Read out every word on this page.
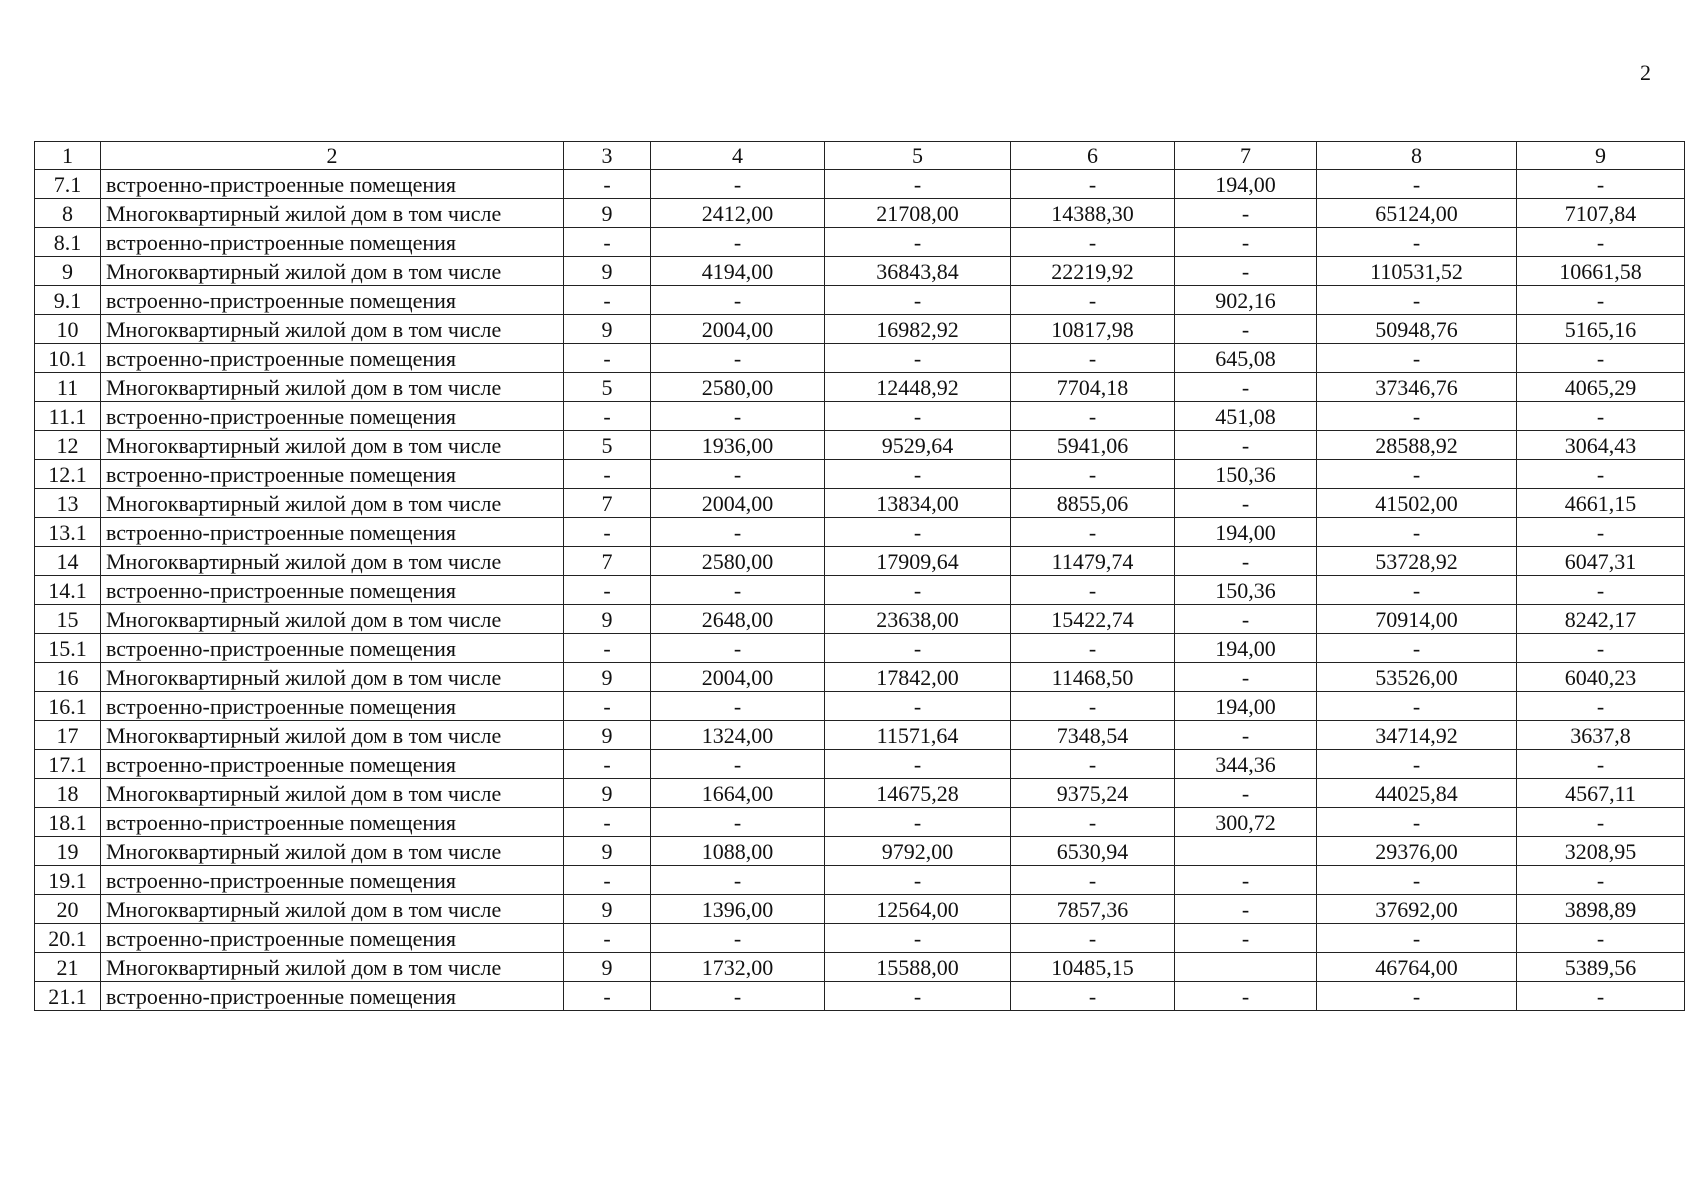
2
1	2	3	4	5	6	7	8	9
7.1	встроенно-пристроенные помещения	-	-	-	-	194,00	-	-
8	Многоквартирный жилой дом в том числе	9	2412,00	21708,00	14388,30	-	65124,00	7107,84
8.1	встроенно-пристроенные помещения	-	-	-	-	-	-	-
9	Многоквартирный жилой дом в том числе	9	4194,00	36843,84	22219,92	-	110531,52	10661,58
9.1	встроенно-пристроенные помещения	-	-	-	-	902,16	-	-
10	Многоквартирный жилой дом в том числе	9	2004,00	16982,92	10817,98	-	50948,76	5165,16
10.1	встроенно-пристроенные помещения	-	-	-	-	645,08	-	-
11	Многоквартирный жилой дом в том числе	5	2580,00	12448,92	7704,18	-	37346,76	4065,29
11.1	встроенно-пристроенные помещения	-	-	-	-	451,08	-	-
12	Многоквартирный жилой дом в том числе	5	1936,00	9529,64	5941,06	-	28588,92	3064,43
12.1	встроенно-пристроенные помещения	-	-	-	-	150,36	-	-
13	Многоквартирный жилой дом в том числе	7	2004,00	13834,00	8855,06	-	41502,00	4661,15
13.1	встроенно-пристроенные помещения	-	-	-	-	194,00	-	-
14	Многоквартирный жилой дом в том числе	7	2580,00	17909,64	11479,74	-	53728,92	6047,31
14.1	встроенно-пристроенные помещения	-	-	-	-	150,36	-	-
15	Многоквартирный жилой дом в том числе	9	2648,00	23638,00	15422,74	-	70914,00	8242,17
15.1	встроенно-пристроенные помещения	-	-	-	-	194,00	-	-
16	Многоквартирный жилой дом в том числе	9	2004,00	17842,00	11468,50	-	53526,00	6040,23
16.1	встроенно-пристроенные помещения	-	-	-	-	194,00	-	-
17	Многоквартирный жилой дом в том числе	9	1324,00	11571,64	7348,54	-	34714,92	3637,8
17.1	встроенно-пристроенные помещения	-	-	-	-	344,36	-	-
18	Многоквартирный жилой дом в том числе	9	1664,00	14675,28	9375,24	-	44025,84	4567,11
18.1	встроенно-пристроенные помещения	-	-	-	-	300,72	-	-
19	Многоквартирный жилой дом в том числе	9	1088,00	9792,00	6530,94		29376,00	3208,95
19.1	встроенно-пристроенные помещения	-	-	-	-	-	-	-
20	Многоквартирный жилой дом в том числе	9	1396,00	12564,00	7857,36	-	37692,00	3898,89
20.1	встроенно-пристроенные помещения	-	-	-	-	-	-	-
21	Многоквартирный жилой дом в том числе	9	1732,00	15588,00	10485,15		46764,00	5389,56
21.1	встроенно-пристроенные помещения	-	-	-	-	-	-	-
